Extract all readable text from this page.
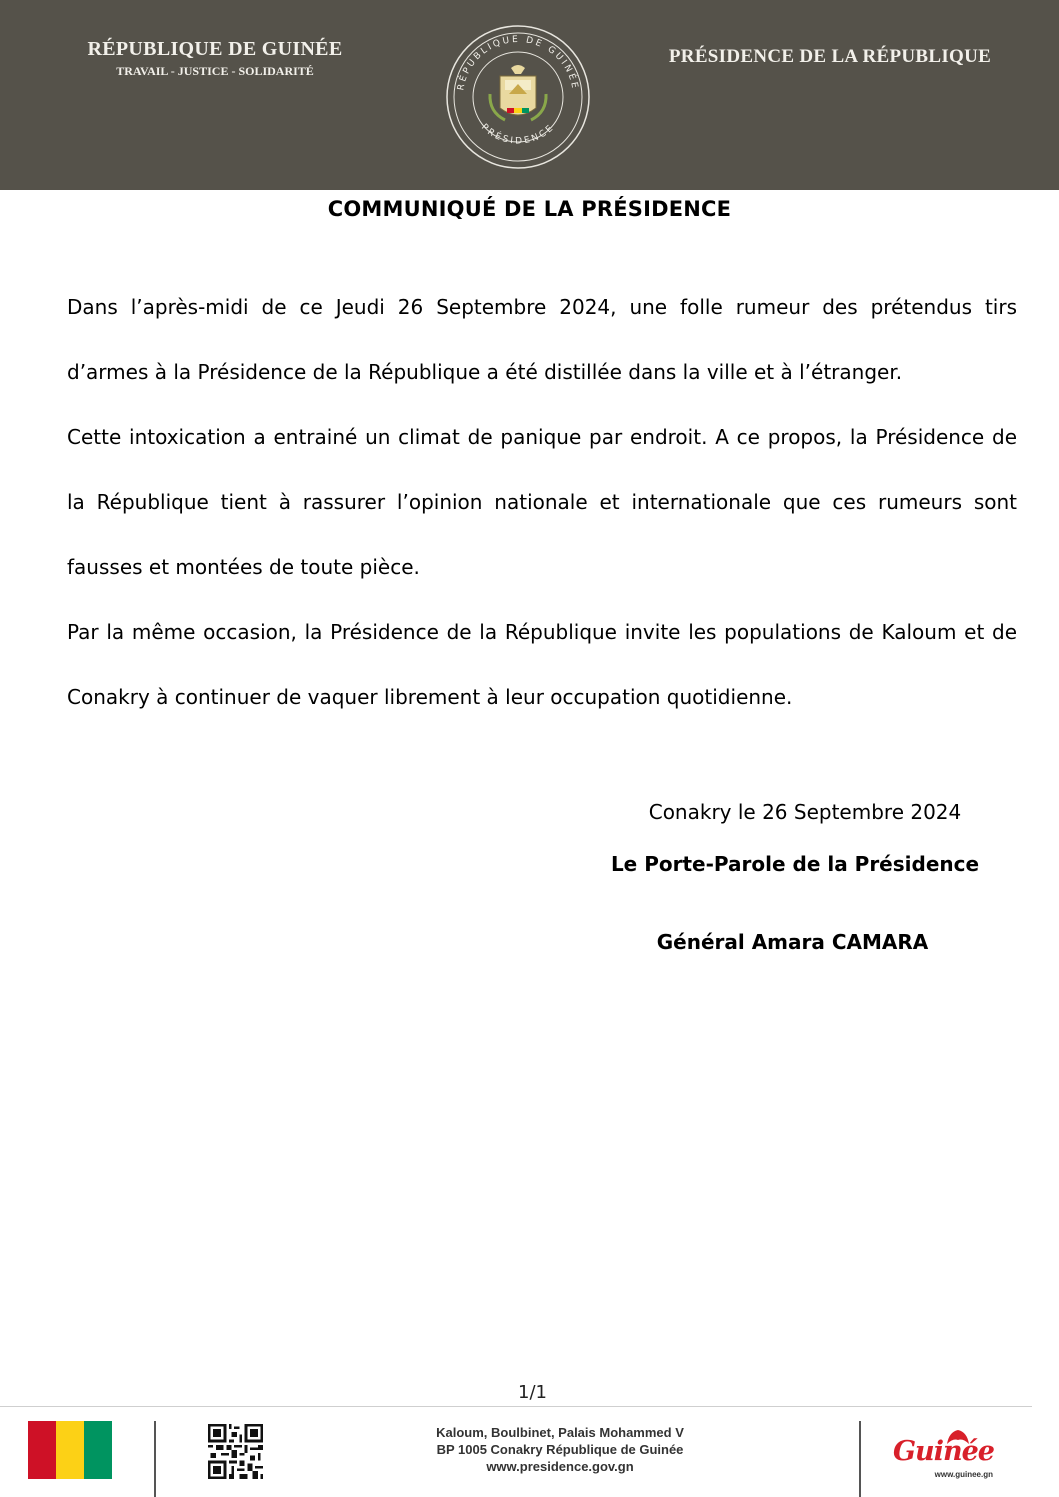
RÉPUBLIQUE DE GUINÉE
TRAVAIL - JUSTICE - SOLIDARITÉ
RÉPUBLIQUE DE GUINÉE
PRÉSIDENCE
PRÉSIDENCE DE LA RÉPUBLIQUE
COMMUNIQUÉ DE LA PRÉSIDENCE

Dans l’après-midi de ce Jeudi 26 Septembre 2024, une folle rumeur des prétendus tirs d’armes à la Présidence de la République a été distillée dans la ville et à l’étranger.

Cette intoxication a entrainé un climat de panique par endroit. A ce propos, la Présidence de la République tient à rassurer l’opinion nationale et internationale que ces rumeurs sont fausses et montées de toute pièce.

Par la même occasion, la Présidence de la République invite les populations de Kaloum et de Conakry à continuer de vaquer librement à leur occupation quotidienne.

Conakry le 26 Septembre 2024
Le Porte-Parole de la Présidence
Général Amara CAMARA
1/1
Kaloum, Boulbinet, Palais Mohammed V
BP 1005 Conakry République de Guinée
www.presidence.gov.gn	Guinée
www.guinee.gn
